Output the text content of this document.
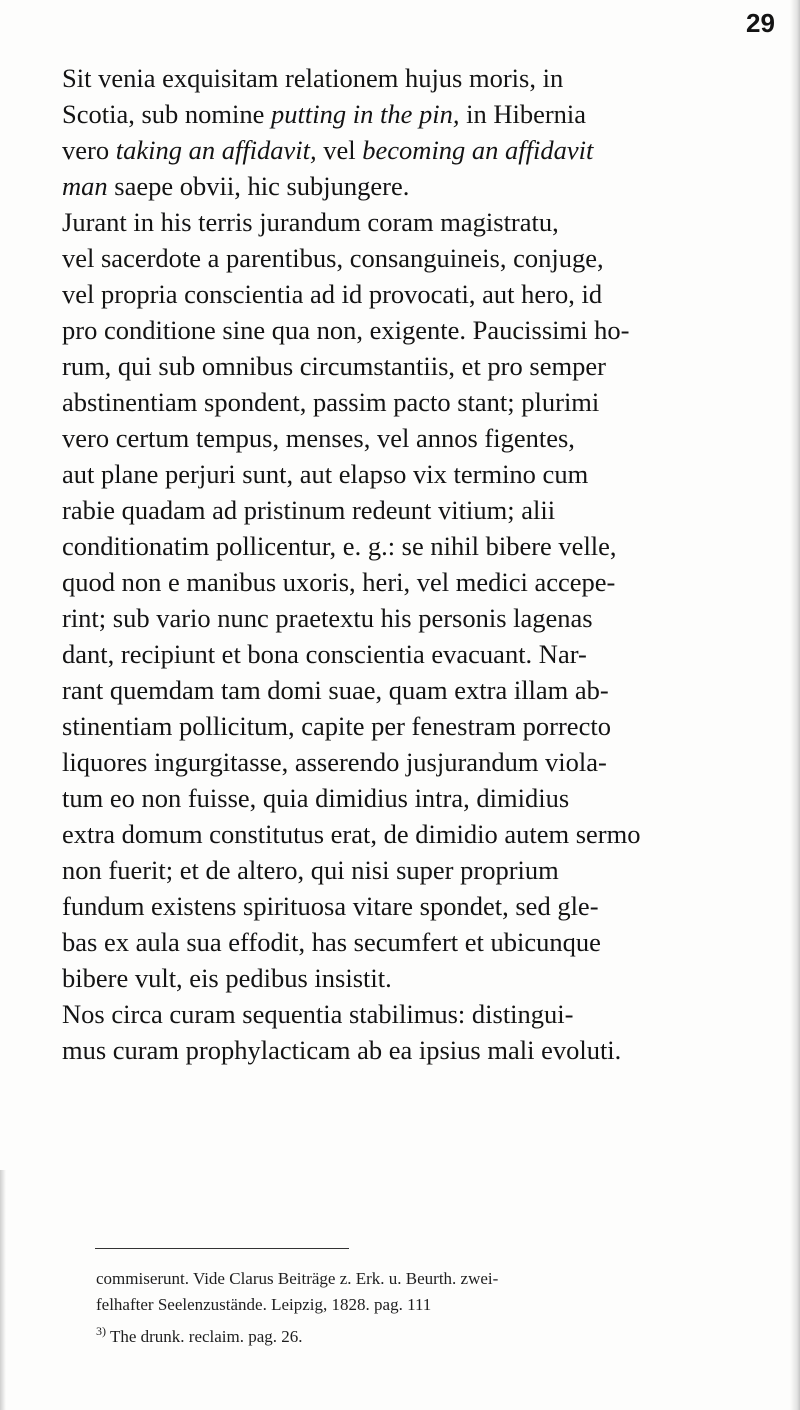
29
Sit venia exquisitam relationem hujus moris, in
Scotia, sub nomine putting in the pin, in Hibernia
vero taking an affidavit, vel becoming an affidavit
man saepe obvii, hic subjungere.
Jurant in his terris jurandum coram magistratu,
vel sacerdote a parentibus, consanguineis, conjuge,
vel propria conscientia ad id provocati, aut hero, id
pro conditione sine qua non, exigente. Paucissimi ho-
rum, qui sub omnibus circumstantiis, et pro semper
abstinentiam spondent, passim pacto stant; plurimi
vero certum tempus, menses, vel annos figentes,
aut plane perjuri sunt, aut elapso vix termino cum
rabie quadam ad pristinum redeunt vitium; alii
conditionatim pollicentur, e. g.: se nihil bibere velle,
quod non e manibus uxoris, heri, vel medici accepe-
rint; sub vario nunc praetextu his personis lagenas
dant, recipiunt et bona conscientia evacuant. Nar-
rant quemdam tam domi suae, quam extra illam ab-
stinentiam pollicitum, capite per fenestram porrecto
liquores ingurgitasse, asserendo jusjurandum viola-
tum eo non fuisse, quia dimidius intra, dimidius
extra domum constitutus erat, de dimidio autem sermo
non fuerit; et de altero, qui nisi super proprium
fundum existens spirituosa vitare spondet, sed gle-
bas ex aula sua effodit, has secumfert et ubicunque
bibere vult, eis pedibus insistit.
Nos circa curam sequentia stabilimus: distingui-
mus curam prophylacticam ab ea ipsius mali evoluti.
commiserunt. Vide Clarus Beiträge z. Erk. u. Beurth. zwei-
felhafter Seelenzustände. Leipzig, 1828. pag. 111
$^{3)}$ The drunk. reclaim. pag. 26.
